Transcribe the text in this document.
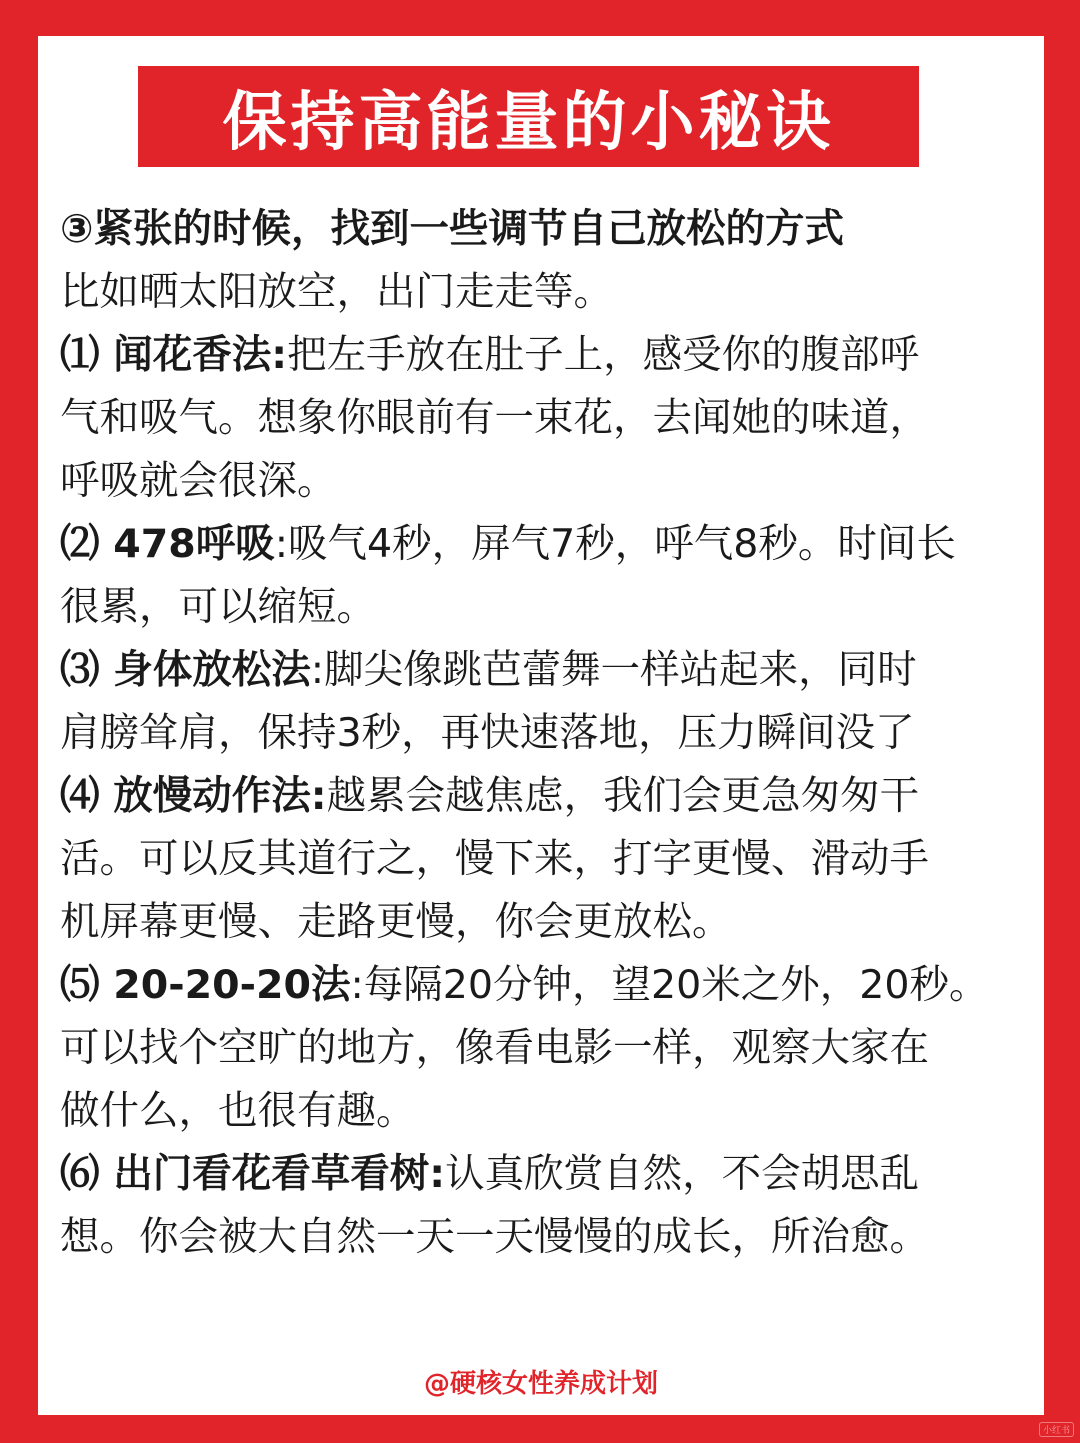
保持高能量的小秘诀
③紧张的时候，找到一些调节自己放松的方式
比如晒太阳放空，出门走走等。
⑴ 闻花香法:把左手放在肚子上，感受你的腹部呼
气和吸气。想象你眼前有一束花，去闻她的味道，
呼吸就会很深。
⑵ 478呼吸:吸气4秒，屏气7秒，呼气8秒。时间长
很累，可以缩短。
⑶ 身体放松法:脚尖像跳芭蕾舞一样站起来，同时
肩膀耸肩，保持3秒，再快速落地，压力瞬间没了
⑷ 放慢动作法:越累会越焦虑，我们会更急匆匆干
活。可以反其道行之，慢下来，打字更慢、滑动手
机屏幕更慢、走路更慢，你会更放松。
⑸ 20-20-20法:每隔20分钟，望20米之外，20秒。
可以找个空旷的地方，像看电影一样，观察大家在
做什么，也很有趣。
⑹ 出门看花看草看树:认真欣赏自然，不会胡思乱
想。你会被大自然一天一天慢慢的成长，所治愈。
@硬核女性养成计划
小红书
